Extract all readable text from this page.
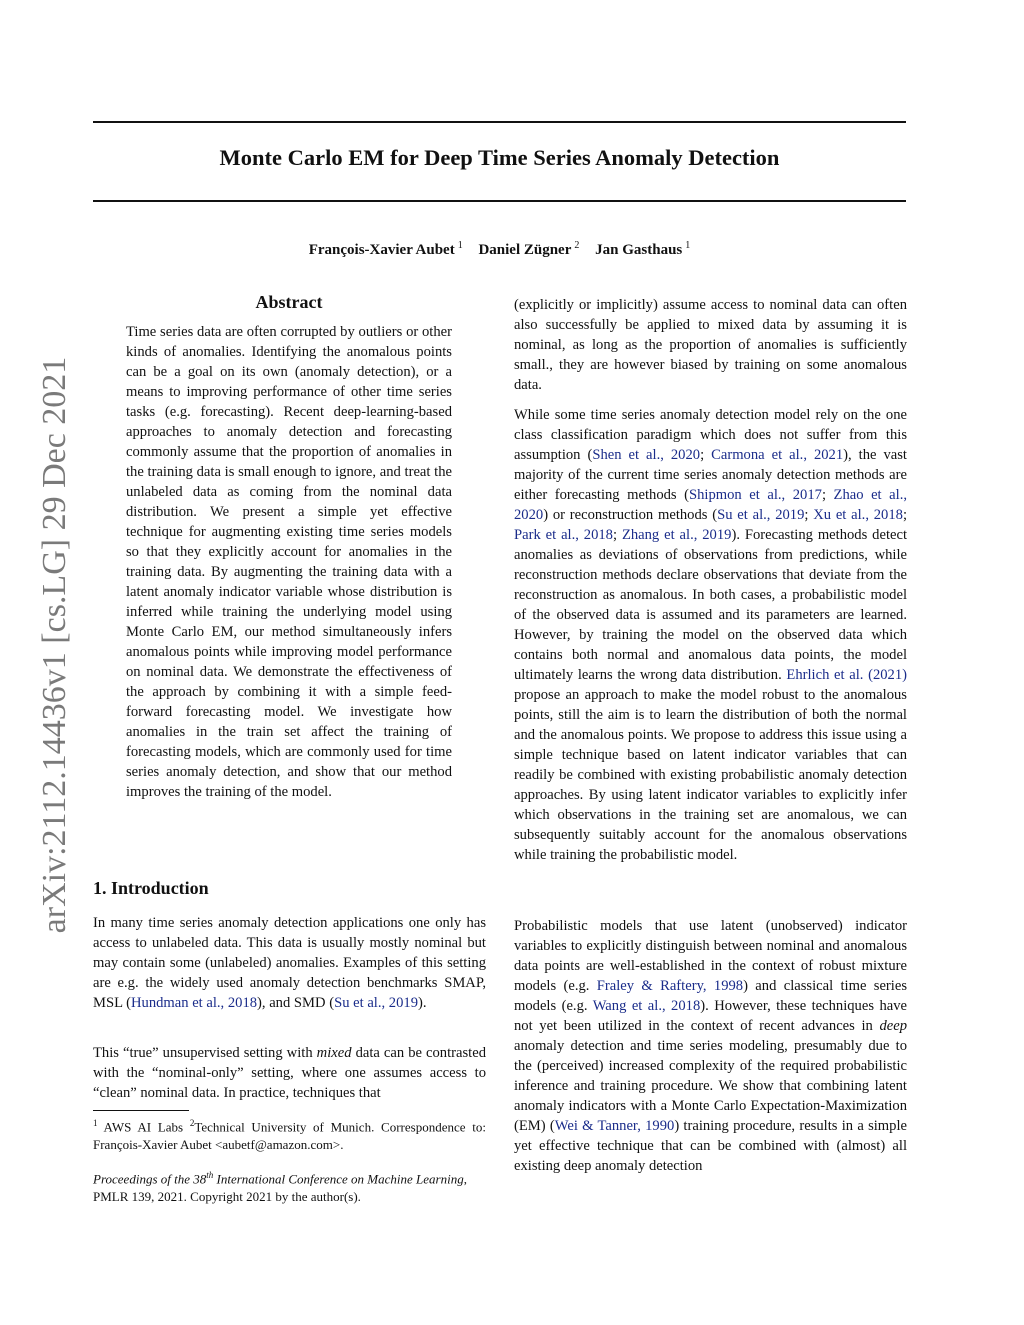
Monte Carlo EM for Deep Time Series Anomaly Detection

François-Xavier Aubet $^1$ Daniel Zügner $^2$ Jan Gasthaus $^1$

arXiv:2112.14436v1 [cs.LG] 29 Dec 2021
Abstract

Time series data are often corrupted by outliers or other kinds of anomalies. Identifying the anomalous points can be a goal on its own (anomaly detection), or a means to improving performance of other time series tasks (e.g. forecasting). Recent deep-learning-based approaches to anomaly detection and forecasting commonly assume that the proportion of anomalies in the training data is small enough to ignore, and treat the unlabeled data as coming from the nominal data distribution. We present a simple yet effective technique for augmenting existing time series models so that they explicitly account for anomalies in the training data. By augmenting the training data with a latent anomaly indicator variable whose distribution is inferred while training the underlying model using Monte Carlo EM, our method simultaneously infers anomalous points while improving model performance on nominal data. We demonstrate the effectiveness of the approach by combining it with a simple feed-forward forecasting model. We investigate how anomalies in the train set affect the training of forecasting models, which are commonly used for time series anomaly detection, and show that our method improves the training of the model.

1. Introduction

In many time series anomaly detection applications one only has access to unlabeled data. This data is usually mostly nominal but may contain some (unlabeled) anomalies. Examples of this setting are e.g. the widely used anomaly detection benchmarks SMAP, MSL (Hundman et al., 2018), and SMD (Su et al., 2019).

This “true” unsupervised setting with mixed data can be contrasted with the “nominal-only” setting, where one assumes access to “clean” nominal data. In practice, techniques that

$^1$ AWS AI Labs $^2$Technical University of Munich. Correspondence to: François-Xavier Aubet <aubetf@amazon.com>.

Proceedings of the 38th International Conference on Machine Learning, PMLR 139, 2021. Copyright 2021 by the author(s).

(explicitly or implicitly) assume access to nominal data can often also successfully be applied to mixed data by assuming it is nominal, as long as the proportion of anomalies is sufficiently small., they are however biased by training on some anomalous data.

While some time series anomaly detection model rely on the one class classification paradigm which does not suffer from this assumption (Shen et al., 2020; Carmona et al., 2021), the vast majority of the current time series anomaly detection methods are either forecasting methods (Shipmon et al., 2017; Zhao et al., 2020) or reconstruction methods (Su et al., 2019; Xu et al., 2018; Park et al., 2018; Zhang et al., 2019). Forecasting methods detect anomalies as deviations of observations from predictions, while reconstruction methods declare observations that deviate from the reconstruction as anomalous. In both cases, a probabilistic model of the observed data is assumed and its parameters are learned. However, by training the model on the observed data which contains both normal and anomalous data points, the model ultimately learns the wrong data distribution. Ehrlich et al. (2021) propose an approach to make the model robust to the anomalous points, still the aim is to learn the distribution of both the normal and the anomalous points. We propose to address this issue using a simple technique based on latent indicator variables that can readily be combined with existing probabilistic anomaly detection approaches. By using latent indicator variables to explicitly infer which observations in the training set are anomalous, we can subsequently suitably account for the anomalous observations while training the probabilistic model.

Probabilistic models that use latent (unobserved) indicator variables to explicitly distinguish between nominal and anomalous data points are well-established in the context of robust mixture models (e.g. Fraley & Raftery, 1998) and classical time series models (e.g. Wang et al., 2018). However, these techniques have not yet been utilized in the context of recent advances in deep anomaly detection and time series modeling, presumably due to the (perceived) increased complexity of the required probabilistic inference and training procedure. We show that combining latent anomaly indicators with a Monte Carlo Expectation-Maximization (EM) (Wei & Tanner, 1990) training procedure, results in a simple yet effective technique that can be combined with (almost) all existing deep anomaly detection
